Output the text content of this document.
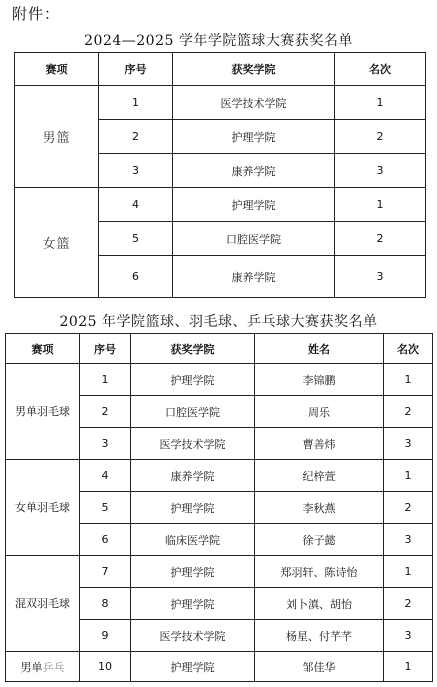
附件：
2024—2025 学年学院篮球大赛获奖名单
赛项	序号	获奖学院	名次
男篮	1	医学技术学院	1
	2	护理学院	2
	3	康养学院	3
女篮	4	护理学院	1
	5	口腔医学院	2
	6	康养学院	3
2025 年学院篮球、羽毛球、乒乓球大赛获奖名单
赛项	序号	获奖学院	姓名	名次
男单羽毛球	1	护理学院	李锦鹏	1
	2	口腔医学院	周乐	2
	3	医学技术学院	曹善炜	3
女单羽毛球	4	康养学院	纪梓萱	1
	5	护理学院	李秋燕	2
	6	临床医学院	徐子懿	3
混双羽毛球	7	护理学院	郑羽轩、陈诗怡	1
	8	护理学院	刘卜滇、胡怡	2
	9	医学技术学院	杨星、付芊芊	3
男单乒乓	10	护理学院	邹佳华	1
